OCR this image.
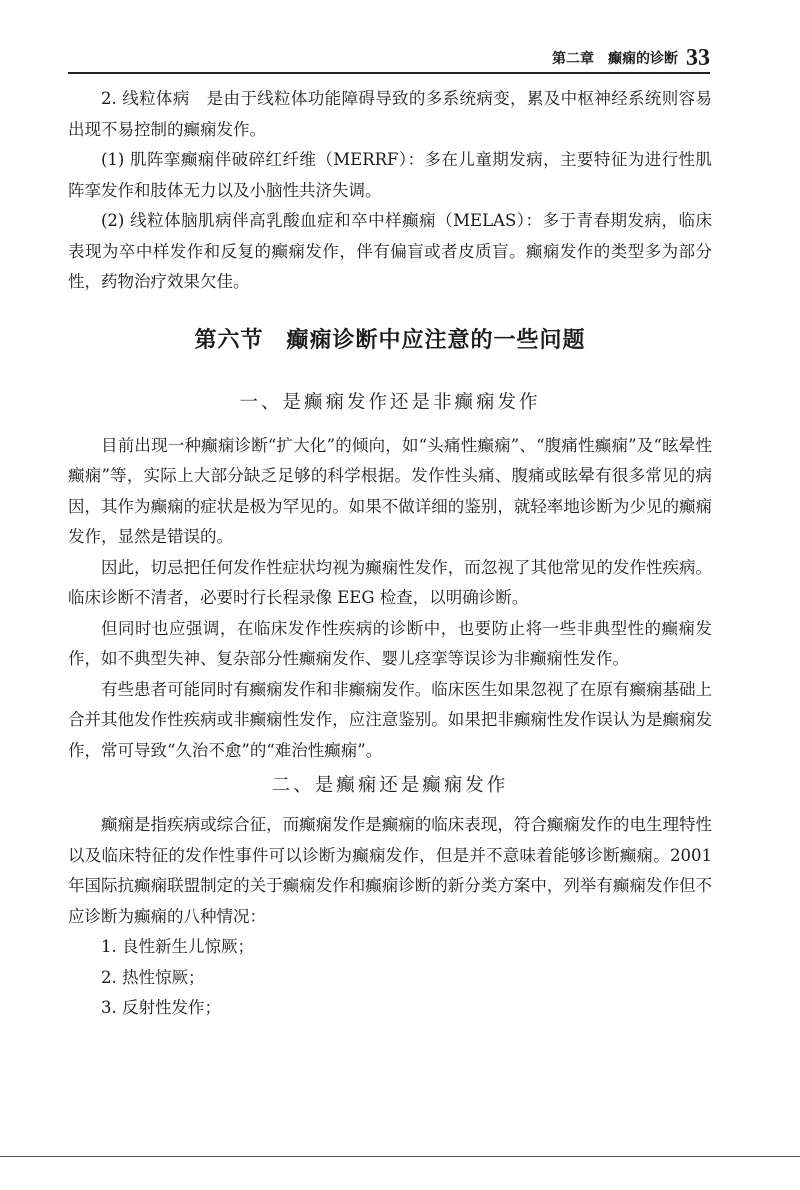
第二章　癫痫的诊断 33

2. 线粒体病　是由于线粒体功能障碍导致的多系统病变，累及中枢神经系统则容易出现不易控制的癫痫发作。

(1) 肌阵挛癫痫伴破碎红纤维（MERRF）：多在儿童期发病，主要特征为进行性肌阵挛发作和肢体无力以及小脑性共济失调。

(2) 线粒体脑肌病伴高乳酸血症和卒中样癫痫（MELAS）：多于青春期发病，临床表现为卒中样发作和反复的癫痫发作，伴有偏盲或者皮质盲。癫痫发作的类型多为部分性，药物治疗效果欠佳。

第六节　癫痫诊断中应注意的一些问题
一、是癫痫发作还是非癫痫发作

目前出现一种癫痫诊断“扩大化”的倾向，如“头痛性癫痫”、“腹痛性癫痫”及“眩晕性癫痫”等，实际上大部分缺乏足够的科学根据。发作性头痛、腹痛或眩晕有很多常见的病因，其作为癫痫的症状是极为罕见的。如果不做详细的鉴别，就轻率地诊断为少见的癫痫发作，显然是错误的。

因此，切忌把任何发作性症状均视为癫痫性发作，而忽视了其他常见的发作性疾病。临床诊断不清者，必要时行长程录像 EEG 检查，以明确诊断。

但同时也应强调，在临床发作性疾病的诊断中，也要防止将一些非典型性的癫痫发作，如不典型失神、复杂部分性癫痫发作、婴儿痉挛等误诊为非癫痫性发作。

有些患者可能同时有癫痫发作和非癫痫发作。临床医生如果忽视了在原有癫痫基础上合并其他发作性疾病或非癫痫性发作，应注意鉴别。如果把非癫痫性发作误认为是癫痫发作，常可导致“久治不愈”的“难治性癫痫”。

二、是癫痫还是癫痫发作

癫痫是指疾病或综合征，而癫痫发作是癫痫的临床表现，符合癫痫发作的电生理特性以及临床特征的发作性事件可以诊断为癫痫发作，但是并不意味着能够诊断癫痫。2001 年国际抗癫痫联盟制定的关于癫痫发作和癫痫诊断的新分类方案中，列举有癫痫发作但不应诊断为癫痫的八种情况：

1. 良性新生儿惊厥；

2. 热性惊厥；

3. 反射性发作；
